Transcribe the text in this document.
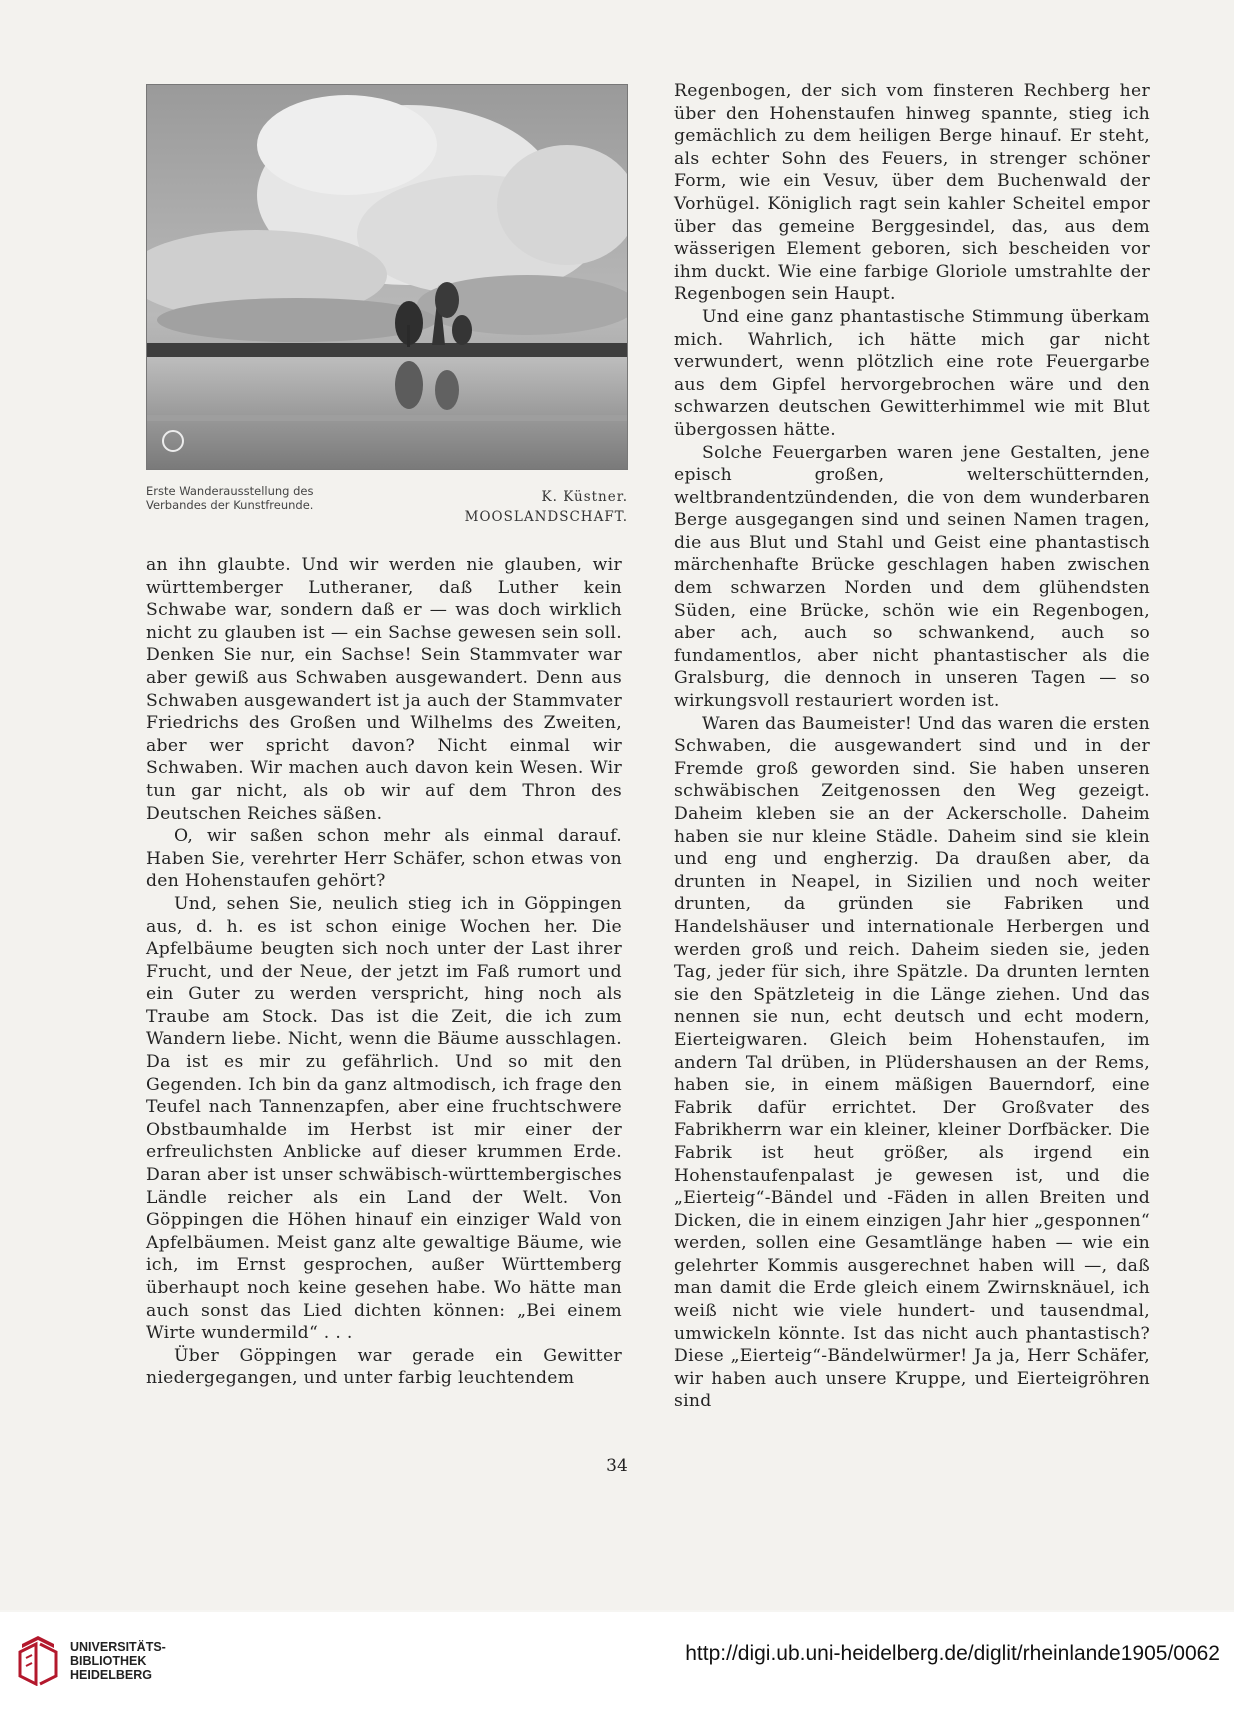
Erste Wanderausstellung des
Verbandes der Kunstfreunde.	K. Küstner.
MOOSLANDSCHAFT.

an ihn glaubte. Und wir werden nie glauben, wir württemberger Lutheraner, daß Luther kein Schwabe war, sondern daß er — was doch wirklich nicht zu glauben ist — ein Sachse gewesen sein soll. Denken Sie nur, ein Sachse! Sein Stammvater war aber gewiß aus Schwaben ausgewandert. Denn aus Schwaben ausgewandert ist ja auch der Stammvater Friedrichs des Großen und Wilhelms des Zweiten, aber wer spricht davon? Nicht einmal wir Schwaben. Wir machen auch davon kein Wesen. Wir tun gar nicht, als ob wir auf dem Thron des Deutschen Reiches säßen.

O, wir saßen schon mehr als einmal darauf. Haben Sie, verehrter Herr Schäfer, schon etwas von den Hohenstaufen gehört?

Und, sehen Sie, neulich stieg ich in Göppingen aus, d. h. es ist schon einige Wochen her. Die Apfelbäume beugten sich noch unter der Last ihrer Frucht, und der Neue, der jetzt im Faß rumort und ein Guter zu werden verspricht, hing noch als Traube am Stock. Das ist die Zeit, die ich zum Wandern liebe. Nicht, wenn die Bäume ausschlagen. Da ist es mir zu gefährlich. Und so mit den Gegenden. Ich bin da ganz altmodisch, ich frage den Teufel nach Tannenzapfen, aber eine fruchtschwere Obstbaumhalde im Herbst ist mir einer der erfreulichsten Anblicke auf dieser krummen Erde. Daran aber ist unser schwäbisch-württembergisches Ländle reicher als ein Land der Welt. Von Göppingen die Höhen hinauf ein einziger Wald von Apfelbäumen. Meist ganz alte gewaltige Bäume, wie ich, im Ernst gesprochen, außer Württemberg überhaupt noch keine gesehen habe. Wo hätte man auch sonst das Lied dichten können: „Bei einem Wirte wundermild“ . . .

Über Göppingen war gerade ein Gewitter niedergegangen, und unter farbig leuchtendem

Regenbogen, der sich vom finsteren Rechberg her über den Hohenstaufen hinweg spannte, stieg ich gemächlich zu dem heiligen Berge hinauf. Er steht, als echter Sohn des Feuers, in strenger schöner Form, wie ein Vesuv, über dem Buchenwald der Vorhügel. Königlich ragt sein kahler Scheitel empor über das gemeine Berggesindel, das, aus dem wässerigen Element geboren, sich bescheiden vor ihm duckt. Wie eine farbige Gloriole umstrahlte der Regenbogen sein Haupt.

Und eine ganz phantastische Stimmung überkam mich. Wahrlich, ich hätte mich gar nicht verwundert, wenn plötzlich eine rote Feuergarbe aus dem Gipfel hervorgebrochen wäre und den schwarzen deutschen Gewitterhimmel wie mit Blut übergossen hätte.

Solche Feuergarben waren jene Gestalten, jene episch großen, welterschütternden, weltbrandentzündenden, die von dem wunderbaren Berge ausgegangen sind und seinen Namen tragen, die aus Blut und Stahl und Geist eine phantastisch märchenhafte Brücke geschlagen haben zwischen dem schwarzen Norden und dem glühendsten Süden, eine Brücke, schön wie ein Regenbogen, aber ach, auch so schwankend, auch so fundamentlos, aber nicht phantastischer als die Gralsburg, die dennoch in unseren Tagen — so wirkungsvoll restauriert worden ist.

Waren das Baumeister! Und das waren die ersten Schwaben, die ausgewandert sind und in der Fremde groß geworden sind. Sie haben unseren schwäbischen Zeitgenossen den Weg gezeigt. Daheim kleben sie an der Ackerscholle. Daheim haben sie nur kleine Städle. Daheim sind sie klein und eng und engherzig. Da draußen aber, da drunten in Neapel, in Sizilien und noch weiter drunten, da gründen sie Fabriken und Handelshäuser und internationale Herbergen und werden groß und reich. Daheim sieden sie, jeden Tag, jeder für sich, ihre Spätzle. Da drunten lernten sie den Spätzleteig in die Länge ziehen. Und das nennen sie nun, echt deutsch und echt modern, Eierteigwaren. Gleich beim Hohenstaufen, im andern Tal drüben, in Plüdershausen an der Rems, haben sie, in einem mäßigen Bauerndorf, eine Fabrik dafür errichtet. Der Großvater des Fabrikherrn war ein kleiner, kleiner Dorfbäcker. Die Fabrik ist heut größer, als irgend ein Hohenstaufenpalast je gewesen ist, und die „Eierteig“-Bändel und -Fäden in allen Breiten und Dicken, die in einem einzigen Jahr hier „gesponnen“ werden, sollen eine Gesamtlänge haben — wie ein gelehrter Kommis ausgerechnet haben will —, daß man damit die Erde gleich einem Zwirnsknäuel, ich weiß nicht wie viele hundert- und tausendmal, umwickeln könnte. Ist das nicht auch phantastisch? Diese „Eierteig“-Bändelwürmer! Ja ja, Herr Schäfer, wir haben auch unsere Kruppe, und Eierteigröhren sind

34
UNIVERSITÄTS-
BIBLIOTHEK
HEIDELBERG
http://digi.ub.uni-heidelberg.de/diglit/rheinlande1905/0062
